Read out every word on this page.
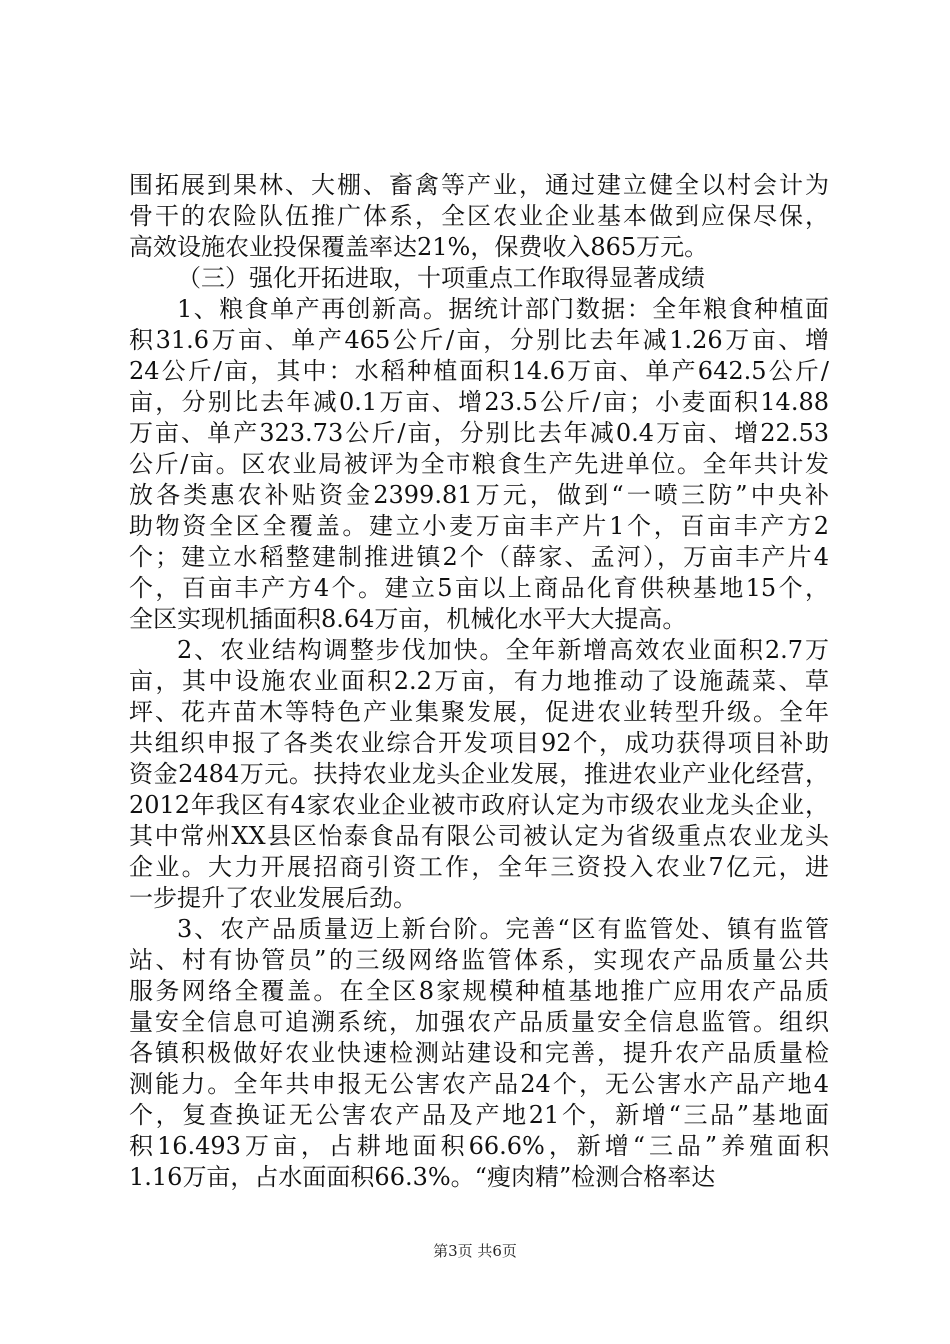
围拓展到果林、大棚、畜禽等产业，通过建立健全以村会计为
骨干的农险队伍推广体系，全区农业企业基本做到应保尽保，
高效设施农业投保覆盖率达21%，保费收入865万元。
（三）强化开拓进取，十项重点工作取得显著成绩
1、粮食单产再创新高。据统计部门数据：全年粮食种植面
积31.6万亩、单产465公斤/亩，分别比去年减1.26万亩、增
24公斤/亩，其中：水稻种植面积14.6万亩、单产642.5公斤/
亩，分别比去年减0.1万亩、增23.5公斤/亩；小麦面积14.88
万亩、单产323.73公斤/亩，分别比去年减0.4万亩、增22.53
公斤/亩。区农业局被评为全市粮食生产先进单位。全年共计发
放各类惠农补贴资金2399.81万元，做到“一喷三防”中央补
助物资全区全覆盖。建立小麦万亩丰产片1个，百亩丰产方2
个；建立水稻整建制推进镇2个（薛家、孟河），万亩丰产片4
个，百亩丰产方4个。建立5亩以上商品化育供秧基地15个，
全区实现机插面积8.64万亩，机械化水平大大提高。
2、农业结构调整步伐加快。全年新增高效农业面积2.7万
亩，其中设施农业面积2.2万亩，有力地推动了设施蔬菜、草
坪、花卉苗木等特色产业集聚发展，促进农业转型升级。全年
共组织申报了各类农业综合开发项目92个，成功获得项目补助
资金2484万元。扶持农业龙头企业发展，推进农业产业化经营，
2012年我区有4家农业企业被市政府认定为市级农业龙头企业，
其中常州XX县区怡泰食品有限公司被认定为省级重点农业龙头
企业。大力开展招商引资工作，全年三资投入农业7亿元，进
一步提升了农业发展后劲。
3、农产品质量迈上新台阶。完善“区有监管处、镇有监管
站、村有协管员”的三级网络监管体系，实现农产品质量公共
服务网络全覆盖。在全区8家规模种植基地推广应用农产品质
量安全信息可追溯系统，加强农产品质量安全信息监管。组织
各镇积极做好农业快速检测站建设和完善，提升农产品质量检
测能力。全年共申报无公害农产品24个，无公害水产品产地4
个，复查换证无公害农产品及产地21个，新增“三品”基地面
积16.493万亩，占耕地面积66.6%，新增“三品”养殖面积
1.16万亩，占水面面积66.3%。“瘦肉精”检测合格率达
第3页 共6页
